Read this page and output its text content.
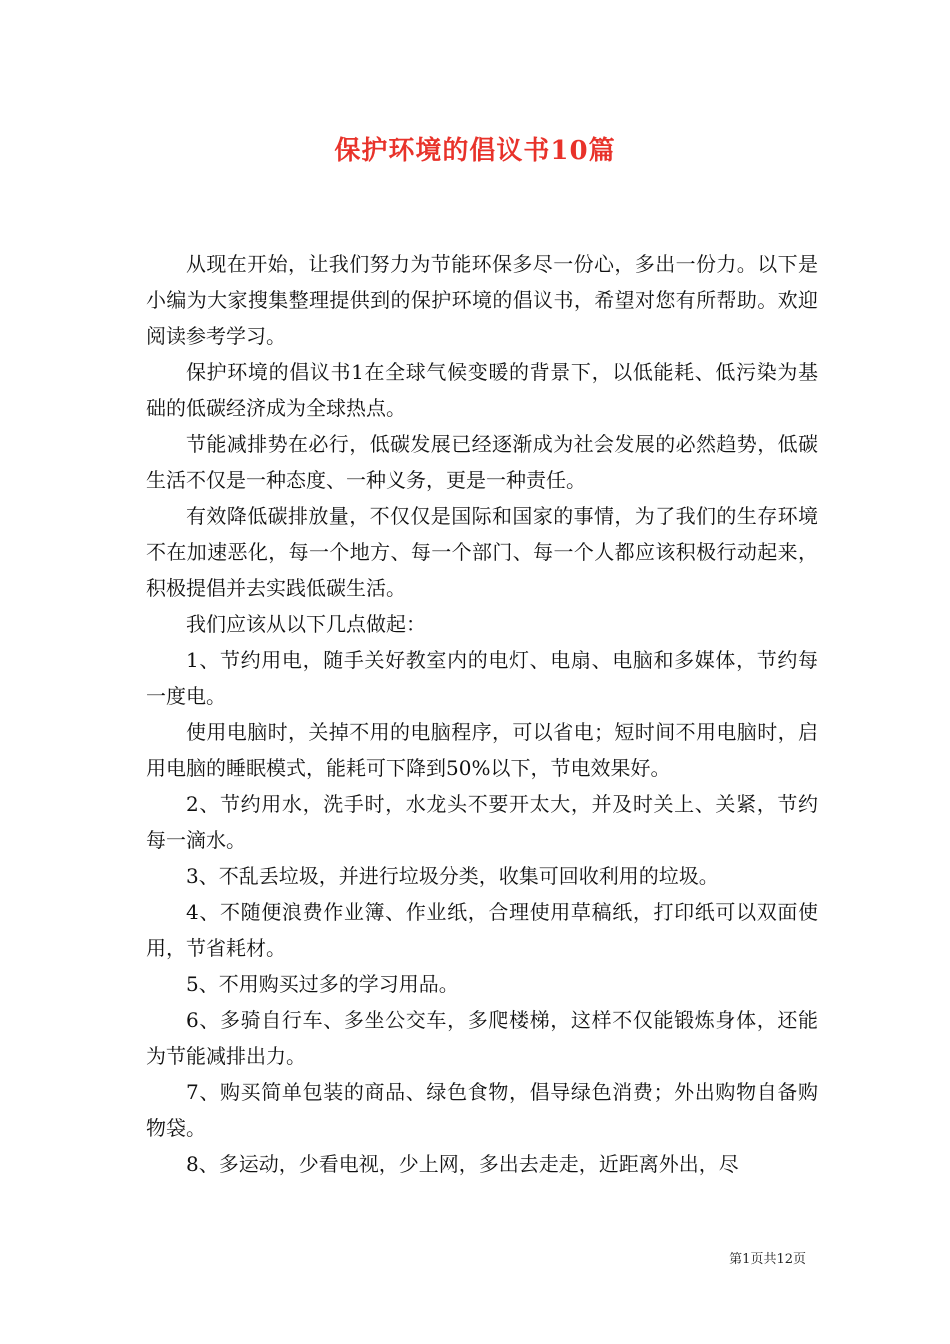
保护环境的倡议书10篇

从现在开始，让我们努力为节能环保多尽一份心，多出一份力。以下是小编为大家搜集整理提供到的保护环境的倡议书，希望对您有所帮助。欢迎阅读参考学习。

保护环境的倡议书1在全球气候变暖的背景下，以低能耗、低污染为基础的低碳经济成为全球热点。

节能减排势在必行，低碳发展已经逐渐成为社会发展的必然趋势，低碳生活不仅是一种态度、一种义务，更是一种责任。

有效降低碳排放量，不仅仅是国际和国家的事情，为了我们的生存环境不在加速恶化，每一个地方、每一个部门、每一个人都应该积极行动起来，积极提倡并去实践低碳生活。

我们应该从以下几点做起：

1、节约用电，随手关好教室内的电灯、电扇、电脑和多媒体，节约每一度电。

使用电脑时，关掉不用的电脑程序，可以省电；短时间不用电脑时，启用电脑的睡眠模式，能耗可下降到50%以下，节电效果好。

2、节约用水，洗手时，水龙头不要开太大，并及时关上、关紧，节约每一滴水。

3、不乱丢垃圾，并进行垃圾分类，收集可回收利用的垃圾。

4、不随便浪费作业簿、作业纸，合理使用草稿纸，打印纸可以双面使用，节省耗材。

5、不用购买过多的学习用品。

6、多骑自行车、多坐公交车，多爬楼梯，这样不仅能锻炼身体，还能为节能减排出力。

7、购买简单包装的商品、绿色食物，倡导绿色消费；外出购物自备购物袋。

8、多运动，少看电视，少上网，多出去走走，近距离外出，尽

第1页共12页
